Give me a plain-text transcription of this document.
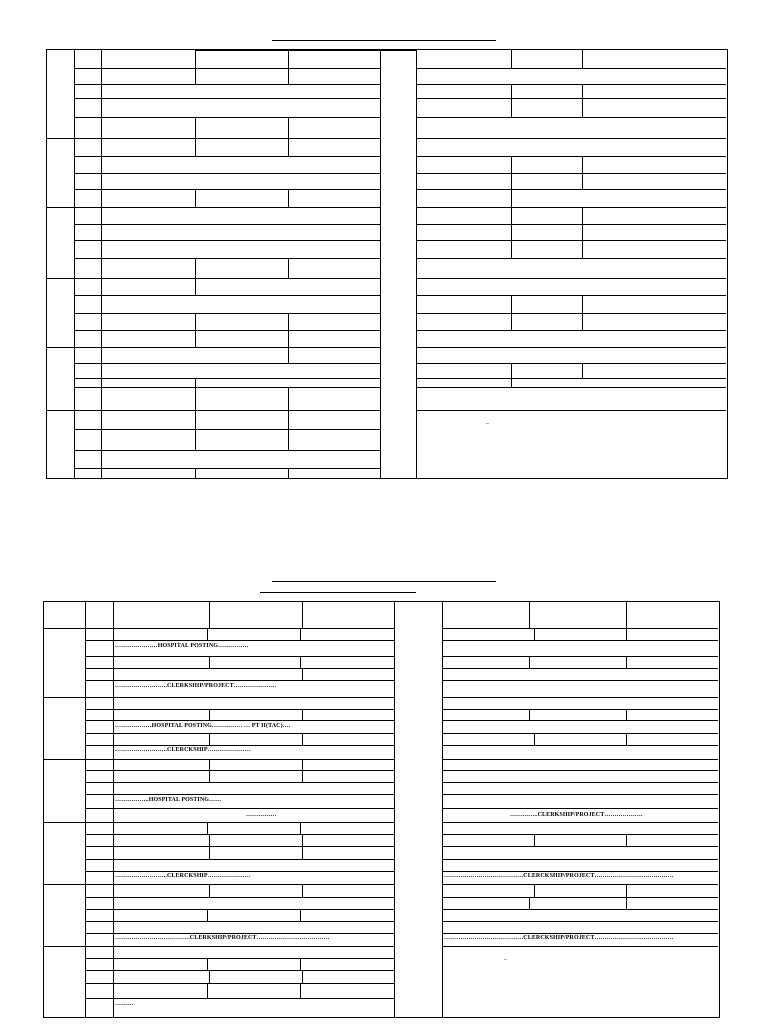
–
…………………HOSPITAL POSTING……………
……………………..CLERKSHIP/PROJECT…………………
………………HOSPITAL POSTING…………… … PT II(TAC)….
……………………..CLERCKSHIP…………………
……………..HOSPITAL POSTING……
……………	…………..CLERKSHIP/PROJECT……………….
……………………..CLERCKSHIP…………………	…………………………………CLERCKSHIP/PROJECT…………………………………
……………………………….CLERKSHIP/PROJECT………………………………	…………………………………CLERCKSHIP/PROJECT…………………………………
………
–
